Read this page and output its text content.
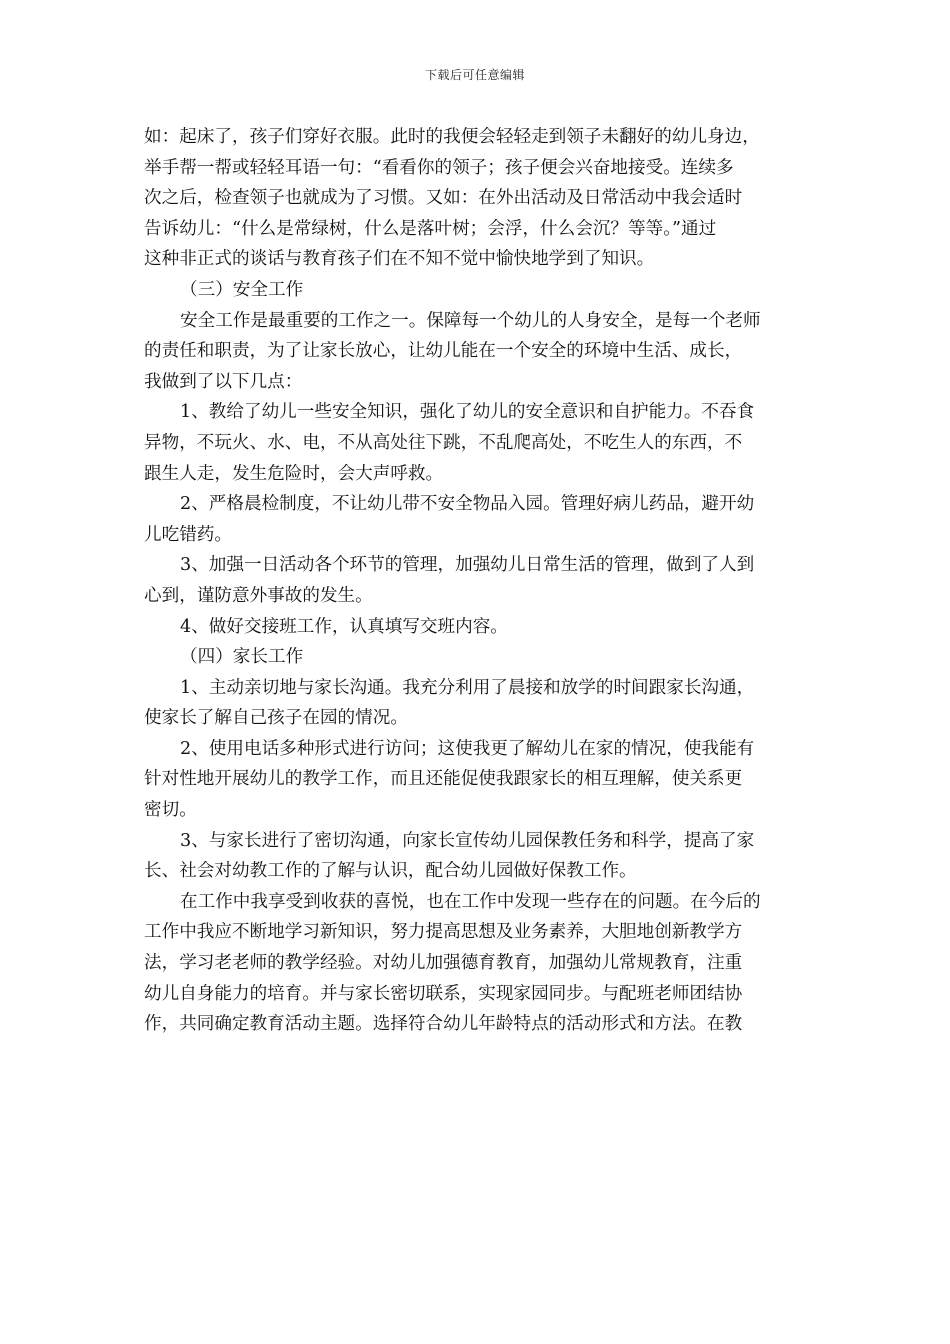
下载后可任意编辑
如：起床了，孩子们穿好衣服。此时的我便会轻轻走到领子未翻好的幼儿身边，
举手帮一帮或轻轻耳语一句：“看看你的领子；孩子便会兴奋地接受。连续多
次之后，检查领子也就成为了习惯。又如：在外出活动及日常活动中我会适时
告诉幼儿：“什么是常绿树，什么是落叶树；会浮，什么会沉？等等。”通过
这种非正式的谈话与教育孩子们在不知不觉中愉快地学到了知识。
（三）安全工作
安全工作是最重要的工作之一。保障每一个幼儿的人身安全，是每一个老师
的责任和职责，为了让家长放心，让幼儿能在一个安全的环境中生活、成长，
我做到了以下几点：
1、教给了幼儿一些安全知识，强化了幼儿的安全意识和自护能力。不吞食
异物，不玩火、水、电，不从高处往下跳，不乱爬高处，不吃生人的东西，不
跟生人走，发生危险时，会大声呼救。
2、严格晨检制度，不让幼儿带不安全物品入园。管理好病儿药品，避开幼
儿吃错药。
3、加强一日活动各个环节的管理，加强幼儿日常生活的管理，做到了人到
心到，谨防意外事故的发生。
4、做好交接班工作，认真填写交班内容。
（四）家长工作
1、主动亲切地与家长沟通。我充分利用了晨接和放学的时间跟家长沟通，
使家长了解自己孩子在园的情况。
2、使用电话多种形式进行访问；这使我更了解幼儿在家的情况，使我能有
针对性地开展幼儿的教学工作，而且还能促使我跟家长的相互理解，使关系更
密切。
3、与家长进行了密切沟通，向家长宣传幼儿园保教任务和科学，提高了家
长、社会对幼教工作的了解与认识，配合幼儿园做好保教工作。
在工作中我享受到收获的喜悦，也在工作中发现一些存在的问题。在今后的
工作中我应不断地学习新知识，努力提高思想及业务素养，大胆地创新教学方
法，学习老老师的教学经验。对幼儿加强德育教育，加强幼儿常规教育，注重
幼儿自身能力的培育。并与家长密切联系，实现家园同步。与配班老师团结协
作，共同确定教育活动主题。选择符合幼儿年龄特点的活动形式和方法。在教
